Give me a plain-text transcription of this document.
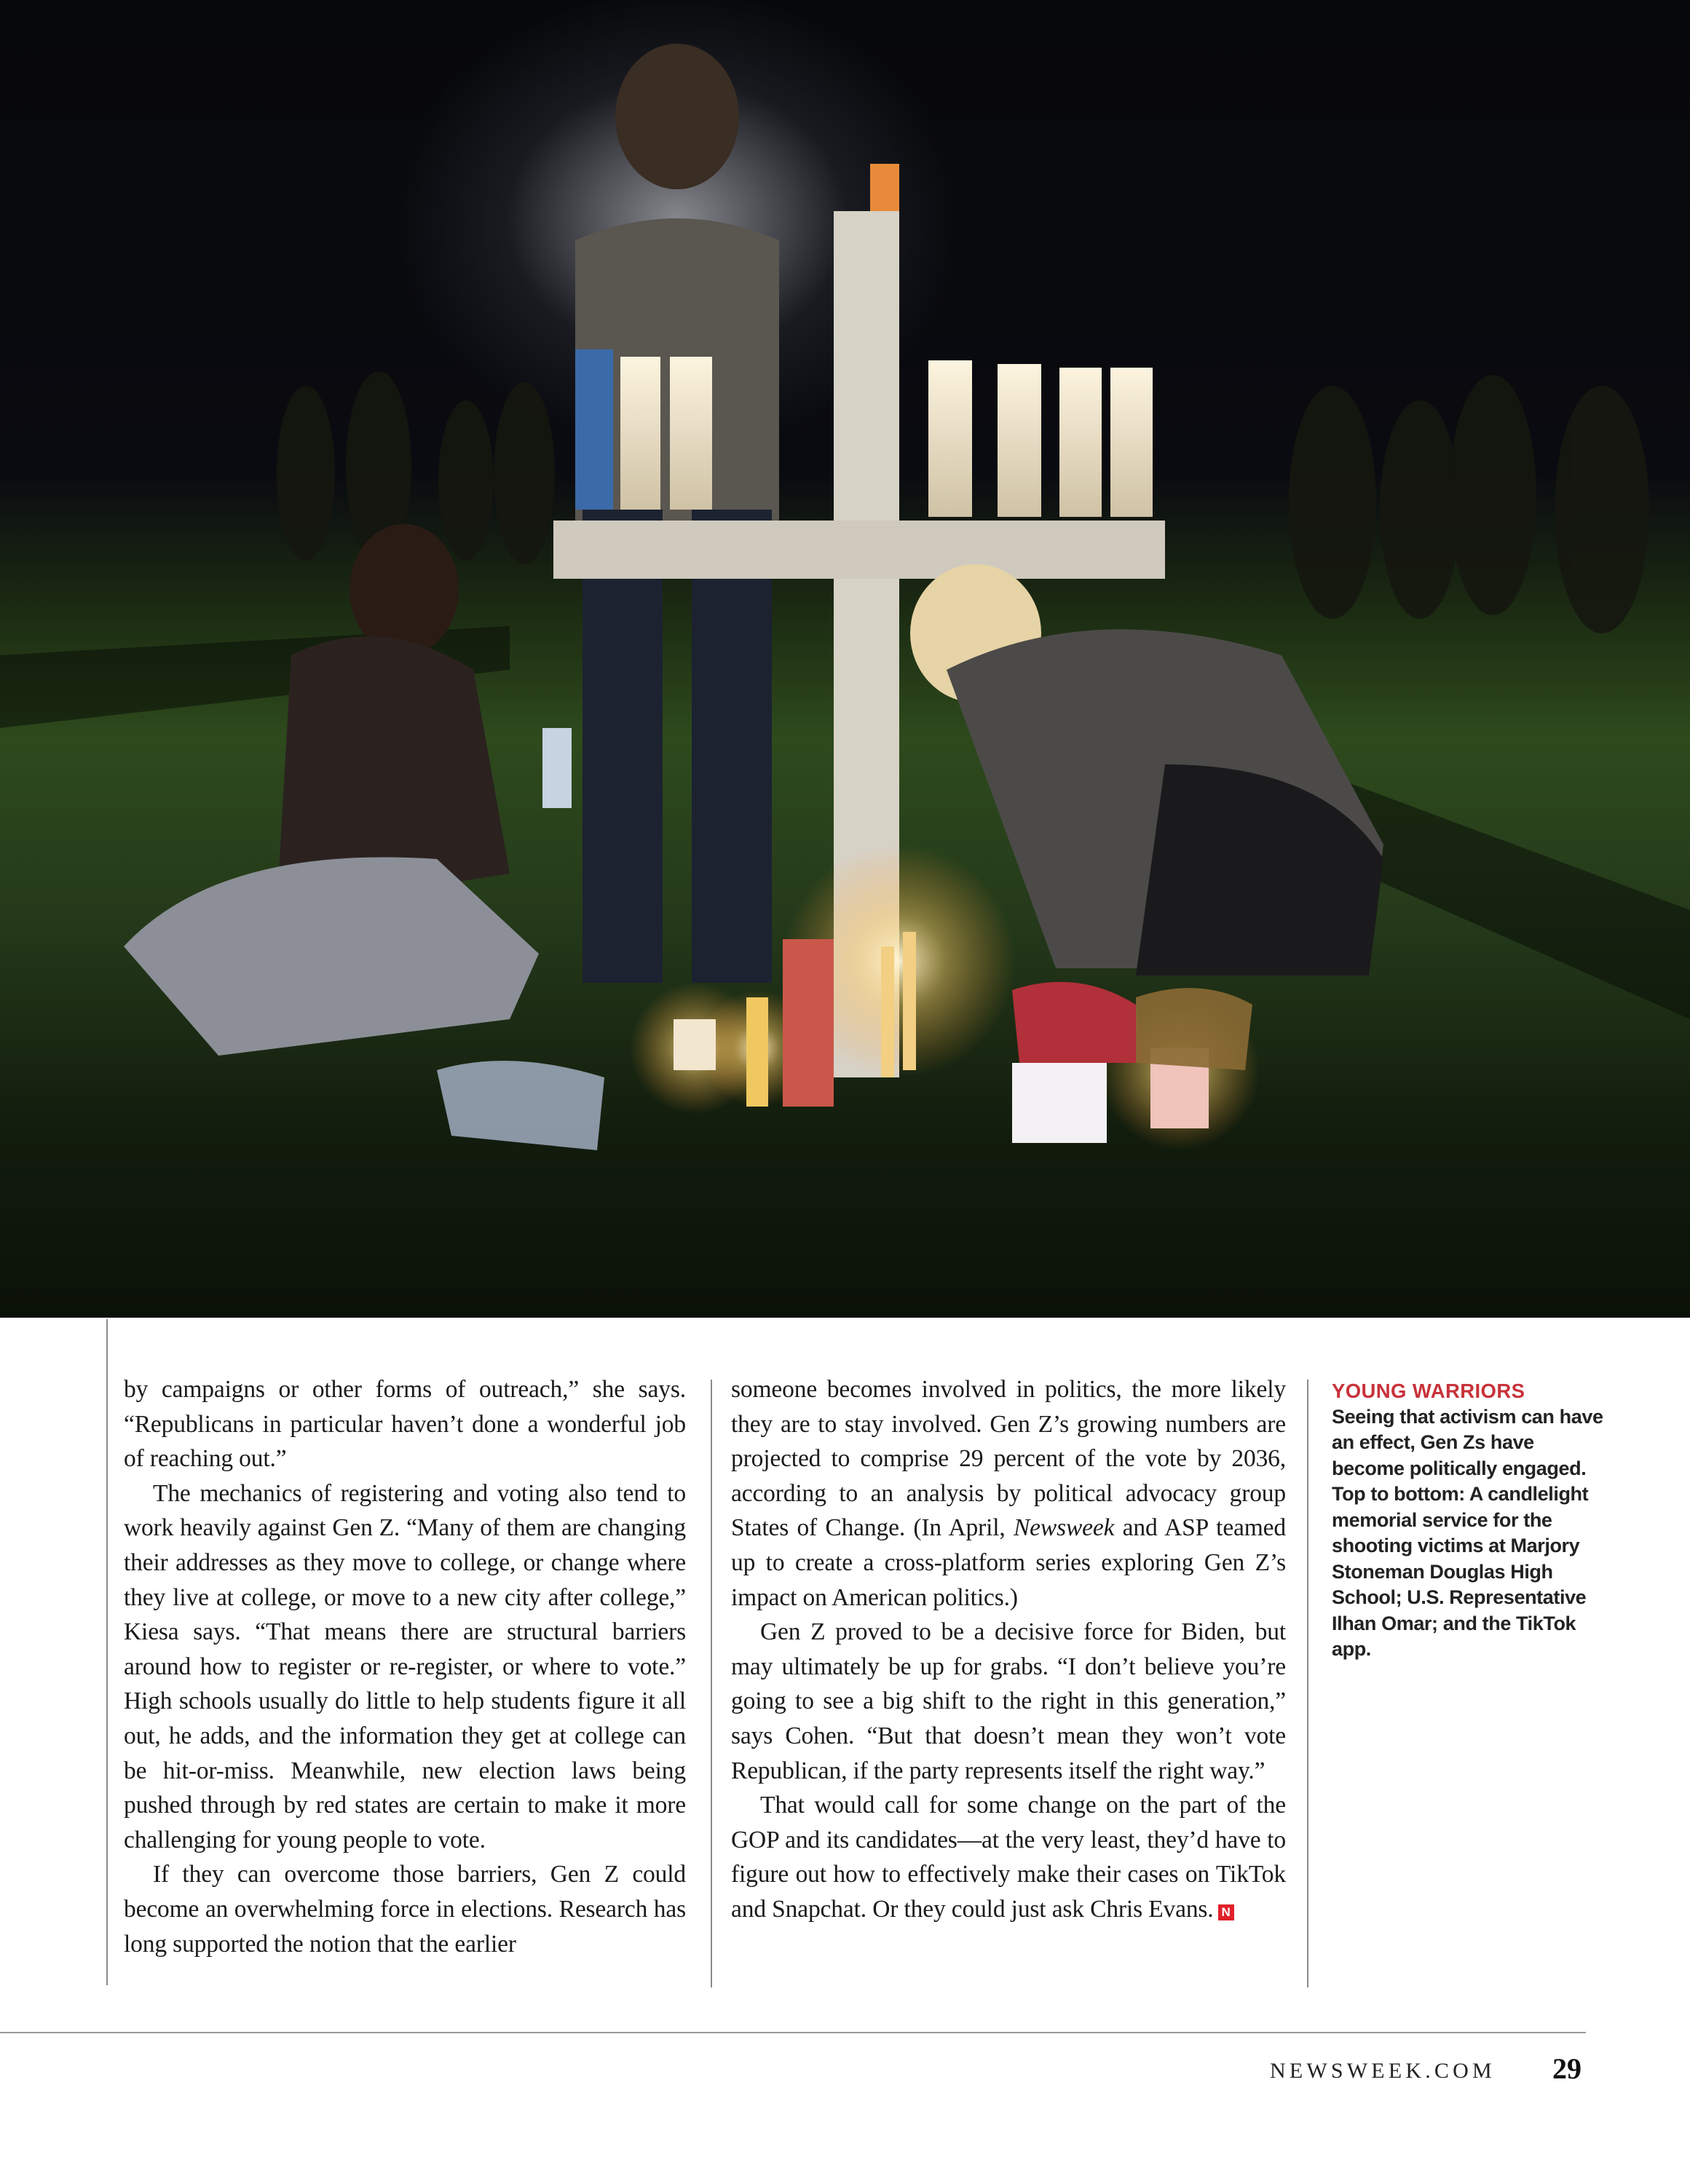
by campaigns or other forms of outreach,” she says. “Republicans in particular haven’t done a wonderful job of reaching out.”

The mechanics of registering and voting also tend to work heavily against Gen Z. “Many of them are changing their addresses as they move to college, or change where they live at college, or move to a new city after college,” Kiesa says. “That means there are structural barriers around how to register or re-register, or where to vote.” High schools usually do little to help students figure it all out, he adds, and the information they get at college can be hit-or-miss. Meanwhile, new election laws being pushed through by red states are certain to make it more challenging for young people to vote.

If they can overcome those barriers, Gen Z could become an overwhelming force in elections. Research has long supported the notion that the earlier

someone becomes involved in politics, the more likely they are to stay involved. Gen Z’s growing numbers are projected to comprise 29 percent of the vote by 2036, according to an analysis by political advocacy group States of Change. (In April, Newsweek and ASP teamed up to create a cross-platform series exploring Gen Z’s impact on American politics.)

Gen Z proved to be a decisive force for Biden, but may ultimately be up for grabs. “I don’t believe you’re going to see a big shift to the right in this generation,” says Cohen. “But that doesn’t mean they won’t vote Republican, if the party represents itself the right way.”

That would call for some change on the part of the GOP and its candidates—at the very least, they’d have to figure out how to effectively make their cases on TikTok and Snapchat. Or they could just ask Chris Evans. N

YOUNG WARRIORS
Seeing that activism can have an effect, Gen Zs have become politically engaged. Top to bottom: A candlelight memorial service for the shooting victims at Marjory Stoneman Douglas High School; U.S. Representative Ilhan Omar; and the TikTok app.
NEWSWEEK.COM 29
